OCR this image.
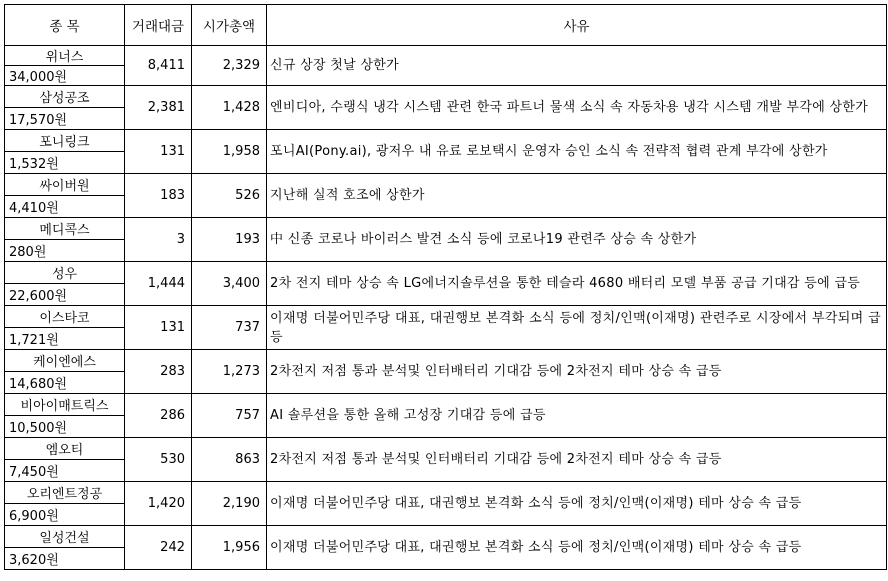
종 목	거래대금	시가총액	사유
위너스	8,411	2,329	신규 상장 첫날 상한가
34,000원			
삼성공조	2,381	1,428	엔비디아, 수랭식 냉각 시스템 관련 한국 파트너 물색 소식 속 자동차용 냉각 시스템 개발 부각에 상한가
17,570원			
포니링크	131	1,958	포니AI(Pony.ai), 광저우 내 유료 로보택시 운영자 승인 소식 속 전략적 협력 관계 부각에 상한가
1,532원			
싸이버원	183	526	지난해 실적 호조에 상한가
4,410원			
메디콕스	3	193	中 신종 코로나 바이러스 발견 소식 등에 코로나19 관련주 상승 속 상한가
280원			
성우	1,444	3,400	2차 전지 테마 상승 속 LG에너지솔루션을 통한 테슬라 4680 배터리 모델 부품 공급 기대감 등에 급등
22,600원			
이스타코	131	737	이재명 더불어민주당 대표, 대권행보 본격화 소식 등에 정치/인맥(이재명) 관련주로 시장에서 부각되며 급등
1,721원			
케이엔에스	283	1,273	2차전지 저점 통과 분석및 인터배터리 기대감 등에 2차전지 테마 상승 속 급등
14,680원			
비아이매트릭스	286	757	AI 솔루션을 통한 올해 고성장 기대감 등에 급등
10,500원			
엠오티	530	863	2차전지 저점 통과 분석및 인터배터리 기대감 등에 2차전지 테마 상승 속 급등
7,450원			
오리엔트정공	1,420	2,190	이재명 더불어민주당 대표, 대권행보 본격화 소식 등에 정치/인맥(이재명) 테마 상승 속 급등
6,900원			
일성건설	242	1,956	이재명 더불어민주당 대표, 대권행보 본격화 소식 등에 정치/인맥(이재명) 테마 상승 속 급등
3,620원			
